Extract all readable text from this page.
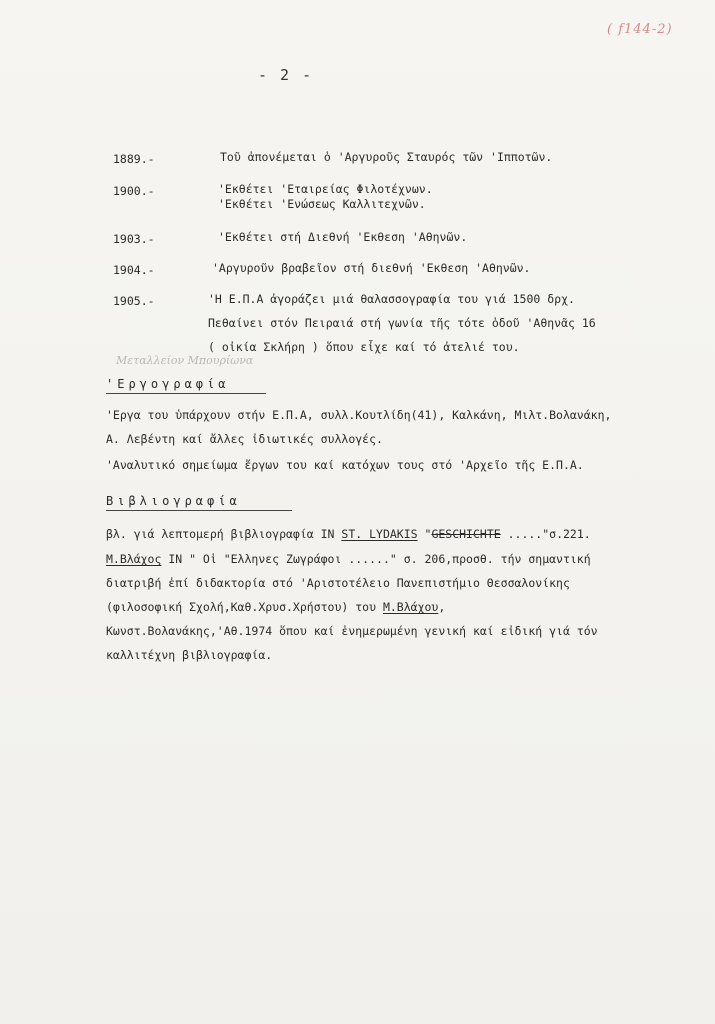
( f144-2)
- 2 -
1889.-	Τοῦ ἀπονέμεται ὁ 'Αργυροῦς Σταυρός τῶν 'Ιπποτῶν.
1900.-	'Εκθέτει 'Εταιρείας Φιλοτέχνων.
'Εκθέτει 'Ενώσεως Καλλιτεχνῶν.
1903.-	'Εκθέτει στή Διεθνή 'Εκθεση 'Αθηνῶν.
1904.-	'Αργυροῦν βραβεῖον στή διεθνή 'Εκθεση 'Αθηνῶν.
1905.-	'Η Ε.Π.Α ἀγοράζει μιά θαλασσογραφία του γιά 1500 δρχ.
Πεθαίνει στόν Πειραιά στή γωνία τῆς τότε ὁδοῦ 'Αθηνᾶς 16
( οἰκία Σκλήρη ) ὅπου εἶχε καί τό ἀτελιέ του.
Μεταλλείον Μπουρίωνα
'Εργογραφία
'Εργα του ὑπάρχουν στήν Ε.Π.Α, συλλ.Κουτλίδη(41), Καλκάνη, Μιλτ.Βολανάκη,
Α. Λεβέντη καί ἄλλες ἰδιωτικές συλλογές.
'Αναλυτικό σημείωμα ἔργων του καί κατόχων τους στό 'Αρχεῖο τῆς Ε.Π.Α.
Βιβλιογραφία
βλ. γιά λεπτομερή βιβλιογραφία IN ST. LYDAKIS "GESCHICHTE ....."σ.221.
Μ.Βλάχος IN " Οἱ "Ελληνες Ζωγράφοι ......" σ. 206,προσθ. τήν σημαντική
διατριβή ἐπί διδακτορία στό 'Αριστοτέλειο Πανεπιστήμιο Θεσσαλονίκης
(φιλοσοφική Σχολή,Καθ.Χρυσ.Χρήστου) του Μ.Βλάχου,
Κωνστ.Βολανάκης,'Αθ.1974 ὅπου καί ἐνημερωμένη γενική καί εἰδική γιά τόν
καλλιτέχνη βιβλιογραφία.
